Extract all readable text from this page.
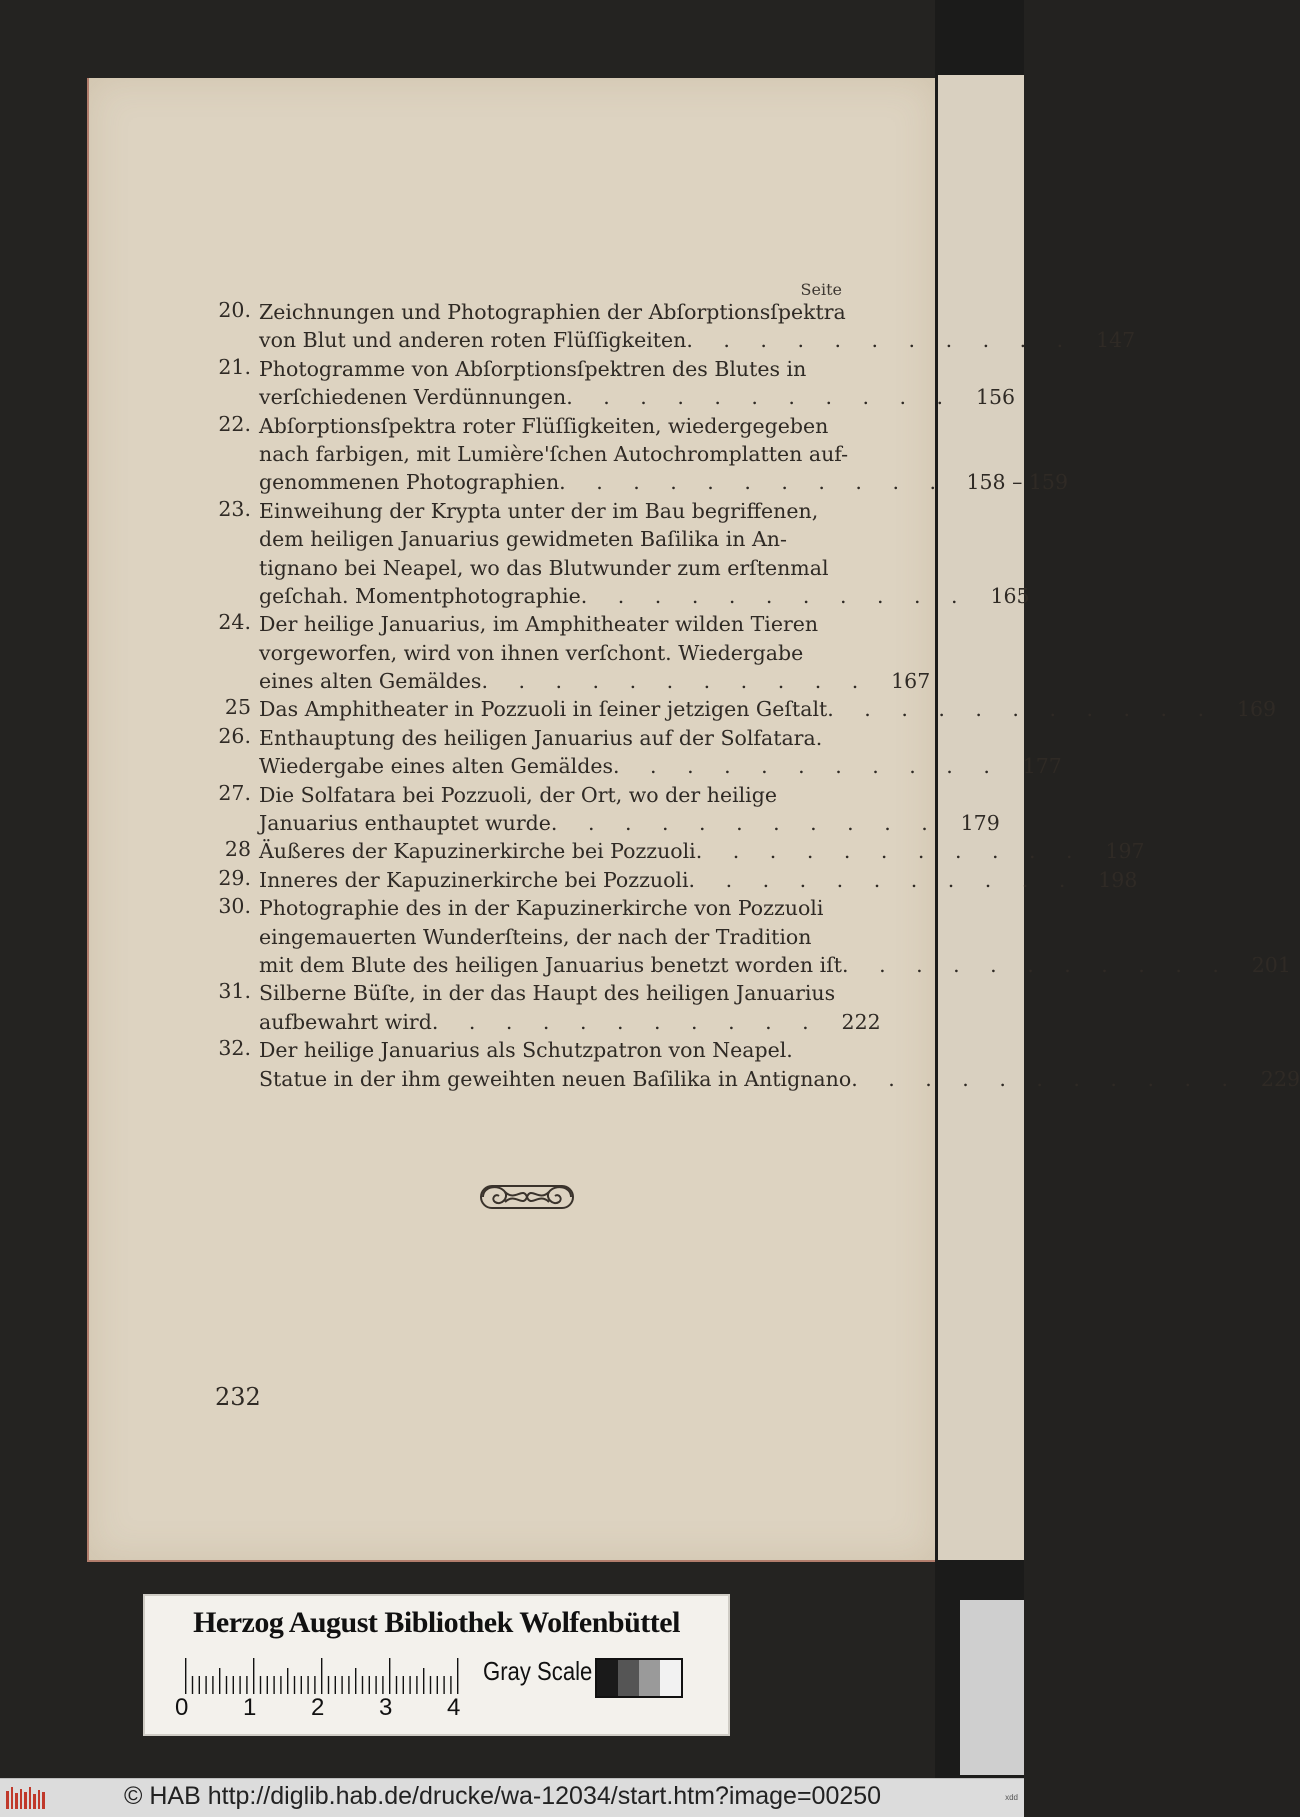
Seite
20. Zeichnungen und Photographien der Abſorptionsſpektra
von Blut und anderen roten Flüſſigkeiten . . . . . . . . . . .	147
21. Photogramme von Abſorptionsſpektren des Blutes in
verſchiedenen Verdünnungen . . . . . . . . . . .	156
22. Abſorptionsſpektra roter Flüſſigkeiten, wiedergegeben
nach farbigen, mit Lumière'ſchen Autochromplatten auf-
genommenen Photographien . . . . . . . . . . . 158 – 159
23. Einweihung der Krypta unter der im Bau begriffenen,
dem heiligen Januarius gewidmeten Baſilika in An-
tignano bei Neapel, wo das Blutwunder zum erſtenmal
geſchah. Momentphotographie . . . . . . . . . . .	165
24. Der heilige Januarius, im Amphitheater wilden Tieren
vorgeworfen, wird von ihnen verſchont. Wiedergabe
eines alten Gemäldes . . . . . . . . . . .	167
25 Das Amphitheater in Pozzuoli in ſeiner jetzigen Geſtalt . . . . . . . . . . .	169
26. Enthauptung des heiligen Januarius auf der Solfatara.
Wiedergabe eines alten Gemäldes . . . . . . . . . . .	177
27. Die Solfatara bei Pozzuoli, der Ort, wo der heilige
Januarius enthauptet wurde . . . . . . . . . . .	179
28 Äußeres der Kapuzinerkirche bei Pozzuoli . . . . . . . . . . .	197
29. Inneres der Kapuzinerkirche bei Pozzuoli . . . . . . . . . . .	198
30. Photographie des in der Kapuzinerkirche von Pozzuoli
eingemauerten Wunderſteins, der nach der Tradition
mit dem Blute des heiligen Januarius benetzt worden iſt . . . . . . . . . . .	201
31. Silberne Büſte, in der das Haupt des heiligen Januarius
aufbewahrt wird . . . . . . . . . . .	222
32. Der heilige Januarius als Schutzpatron von Neapel.
Statue in der ihm geweihten neuen Baſilika in Antignano . . . . . . . . . . .	229
232
Herzog August Bibliothek Wolfenbüttel
0 1 2 3 4
Gray Scale
© HAB http://diglib.hab.de/drucke/wa-12034/start.htm?image=00250	xdd
